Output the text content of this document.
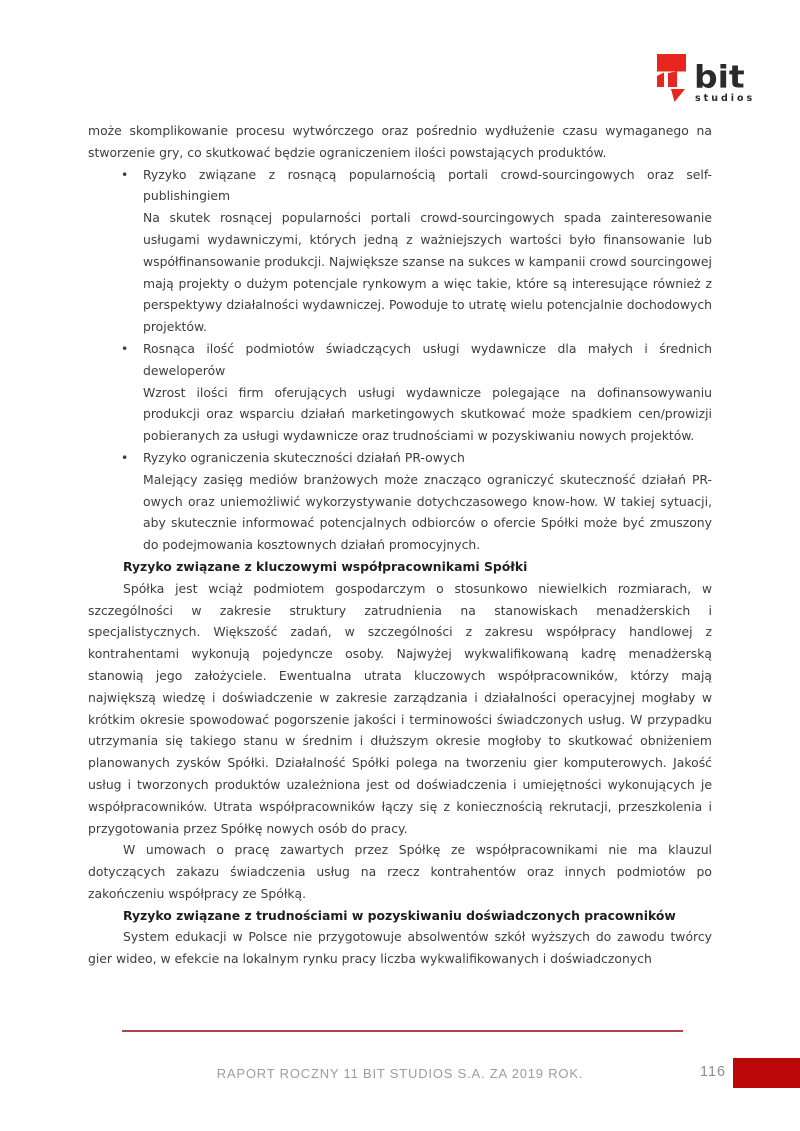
bit
studios

może skomplikowanie procesu wytwórczego oraz pośrednio wydłużenie czasu wymaganego na stworzenie gry, co skutkować będzie ograniczeniem ilości powstających produktów.

• Ryzyko związane z rosnącą popularnością portali crowd-sourcingowych oraz self-publishingiem
Na skutek rosnącej popularności portali crowd-sourcingowych spada zainteresowanie usługami wydawniczymi, których jedną z ważniejszych wartości było finansowanie lub współfinansowanie produkcji. Największe szanse na sukces w kampanii crowd sourcingowej mają projekty o dużym potencjale rynkowym a więc takie, które są interesujące również z perspektywy działalności wydawniczej. Powoduje to utratę wielu potencjalnie dochodowych projektów.
• Rosnąca ilość podmiotów świadczących usługi wydawnicze dla małych i średnich deweloperów
Wzrost ilości firm oferujących usługi wydawnicze polegające na dofinansowywaniu produkcji oraz wsparciu działań marketingowych skutkować może spadkiem cen/prowizji pobieranych za usługi wydawnicze oraz trudnościami w pozyskiwaniu nowych projektów.
• Ryzyko ograniczenia skuteczności działań PR-owych
Malejący zasięg mediów branżowych może znacząco ograniczyć skuteczność działań PR-owych oraz uniemożliwić wykorzystywanie dotychczasowego know-how. W takiej sytuacji, aby skutecznie informować potencjalnych odbiorców o ofercie Spółki może być zmuszony do podejmowania kosztownych działań promocyjnych.
Ryzyko związane z kluczowymi współpracownikami Spółki

Spółka jest wciąż podmiotem gospodarczym o stosunkowo niewielkich rozmiarach, w szczególności w zakresie struktury zatrudnienia na stanowiskach menadżerskich i specjalistycznych. Większość zadań, w szczególności z zakresu współpracy handlowej z kontrahentami wykonują pojedyncze osoby. Najwyżej wykwalifikowaną kadrę menadżerską stanowią jego założyciele. Ewentualna utrata kluczowych współpracowników, którzy mają największą wiedzę i doświadczenie w zakresie zarządzania i działalności operacyjnej mogłaby w krótkim okresie spowodować pogorszenie jakości i terminowości świadczonych usług. W przypadku utrzymania się takiego stanu w średnim i dłuższym okresie mogłoby to skutkować obniżeniem planowanych zysków Spółki. Działalność Spółki polega na tworzeniu gier komputerowych. Jakość usług i tworzonych produktów uzależniona jest od doświadczenia i umiejętności wykonujących je współpracowników. Utrata współpracowników łączy się z koniecznością rekrutacji, przeszkolenia i przygotowania przez Spółkę nowych osób do pracy.

W umowach o pracę zawartych przez Spółkę ze współpracownikami nie ma klauzul dotyczących zakazu świadczenia usług na rzecz kontrahentów oraz innych podmiotów po zakończeniu współpracy ze Spółką.

Ryzyko związane z trudnościami w pozyskiwaniu doświadczonych pracowników

System edukacji w Polsce nie przygotowuje absolwentów szkół wyższych do zawodu twórcy gier wideo, w efekcie na lokalnym rynku pracy liczba wykwalifikowanych i doświadczonych

RAPORT ROCZNY 11 BIT STUDIOS S.A. ZA 2019 ROK.	116
